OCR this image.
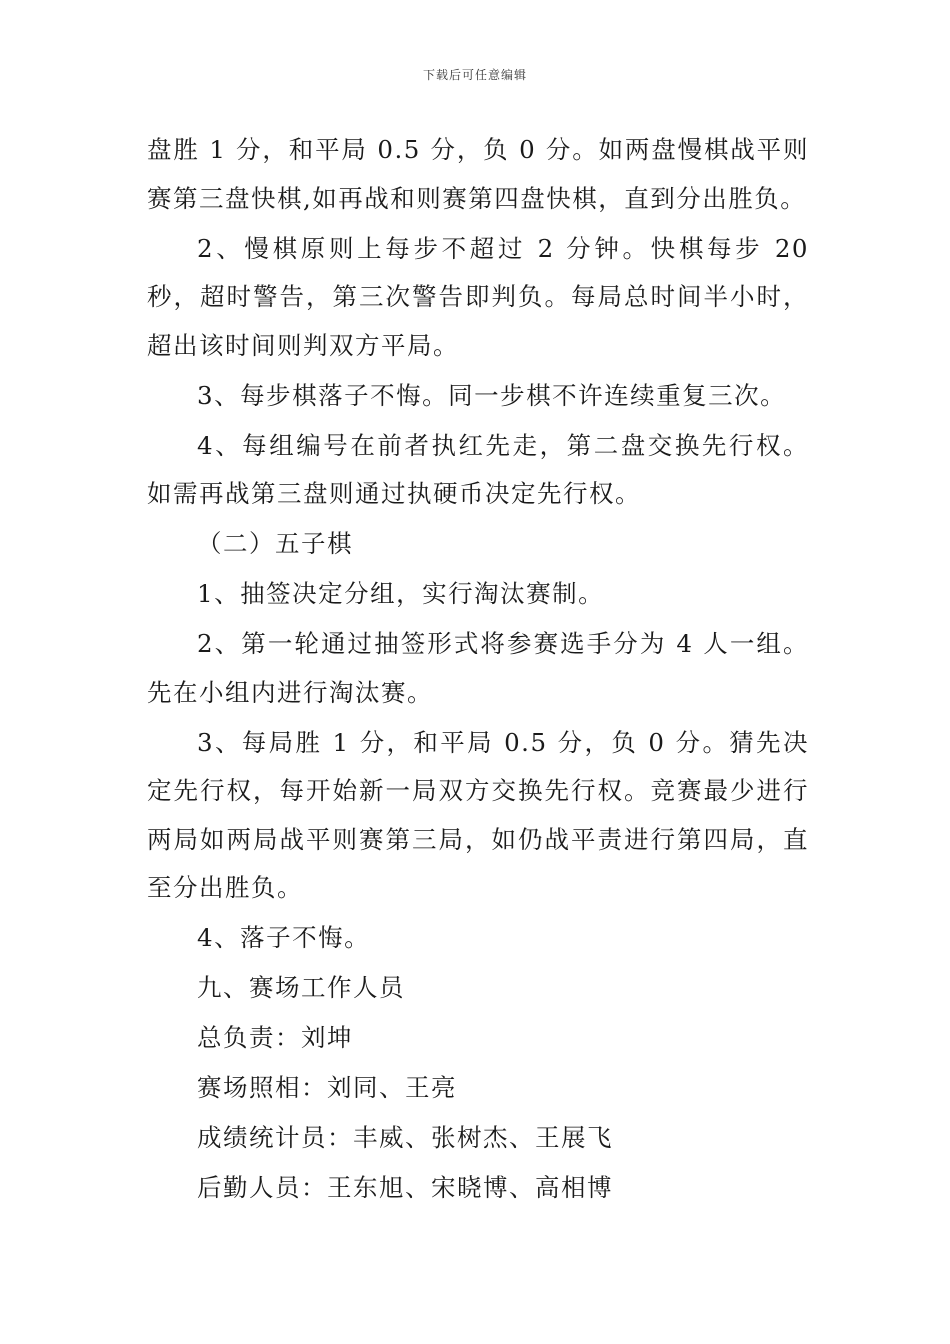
下载后可任意编辑

盘胜 1 分，和平局 0.5 分，负 0 分。如两盘慢棋战平则赛第三盘快棋,如再战和则赛第四盘快棋，直到分出胜负。

2、慢棋原则上每步不超过 2 分钟。快棋每步 20 秒，超时警告，第三次警告即判负。每局总时间半小时，超出该时间则判双方平局。

3、每步棋落子不悔。同一步棋不许连续重复三次。

4、每组编号在前者执红先走，第二盘交换先行权。如需再战第三盘则通过执硬币决定先行权。

（二）五子棋

1、抽签决定分组，实行淘汰赛制。

2、第一轮通过抽签形式将参赛选手分为 4 人一组。先在小组内进行淘汰赛。

3、每局胜 1 分，和平局 0.5 分，负 0 分。猜先决定先行权，每开始新一局双方交换先行权。竞赛最少进行两局如两局战平则赛第三局，如仍战平责进行第四局，直至分出胜负。

4、落子不悔。

九、赛场工作人员

总负责：刘坤

赛场照相：刘同、王亮

成绩统计员：丰威、张树杰、王展飞

后勤人员：王东旭、宋晓博、高相博
